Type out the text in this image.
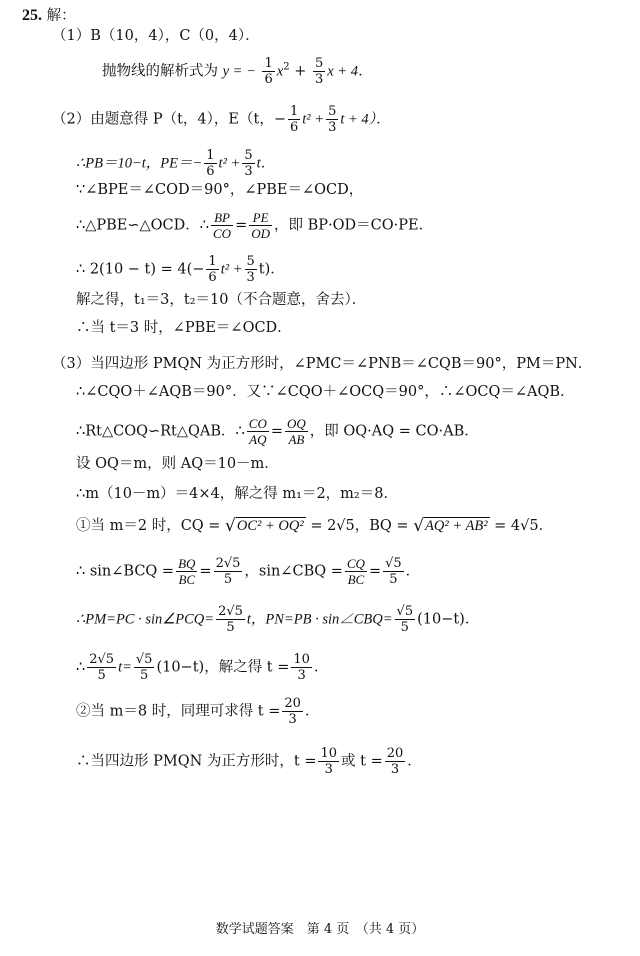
25. 解：
（1）B（10，4），C（0，4）．
抛物线的解析式为 y = − $\frac{1}{6} x^2 + \frac{5}{3}$ x + 4．
（2）由题意得 P（t，4），E（t，− $\frac{1}{6} t^2 + \frac{5}{3}$ t + 4）．
∴PB＝10−t，$PE=- \frac{1}{6} t^2 + \frac{5}{3}$ t．
∵∠BPE＝∠COD＝90°，∠PBE＝∠OCD，
∴△PBE∽△OCD．∴ $\frac{BP}{CO} = \frac{PE}{OD}$ ，即 BP·OD＝CO·PE．
∴ $2(10 - t) = 4(- \frac{1}{6} t^2 + \frac{5}{3} t)$．
解之得，t₁＝3，t₂＝10（不合题意，舍去）．
∴当 t＝3 时，∠PBE＝∠OCD．
（3）当四边形 PMQN 为正方形时，∠PMC＝∠PNB＝∠CQB＝90°，PM＝PN．
∴∠CQO＋∠AQB＝90°．又∵∠CQO＋∠OCQ＝90°，∴∠OCQ＝∠AQB．
∴Rt△COQ∽Rt△QAB．∴ $\frac{CO}{AQ} = \frac{OQ}{AB}$ ，即 OQ·AQ = CO·AB．
设 OQ＝m，则 AQ＝10－m．
∴m（10－m）＝4×4，解之得 m₁＝2，m₂＝8．
①当 m＝2 时，CQ = √OC² + OQ² = 2√5，BQ = √AQ² + AB² = 4√5．
∴ sin∠BCQ = $\frac{BQ}{BC} = \frac{2√5}{5}$ ，sin∠CBQ = $\frac{CQ}{BC} = \frac{√5}{5}$ ．
∴PM=PC · sin∠PCQ= $\frac{2√5}{5}$ t，PN=PB · sin∠CBQ= $\frac{√5}{5} (10-t)$．
∴ $\frac{2√5}{5} t= \frac{√5}{5} (10-t)$，解之得 $t = \frac{10}{3}$ ．
②当 m＝8 时，同理可求得 $t = \frac{20}{3}$ ．
∴当四边形 PMQN 为正方形时，$t = \frac{10}{3}$ 或 $t = \frac{20}{3}$ ．
数学试题答案　第 4 页　（共 4 页）
